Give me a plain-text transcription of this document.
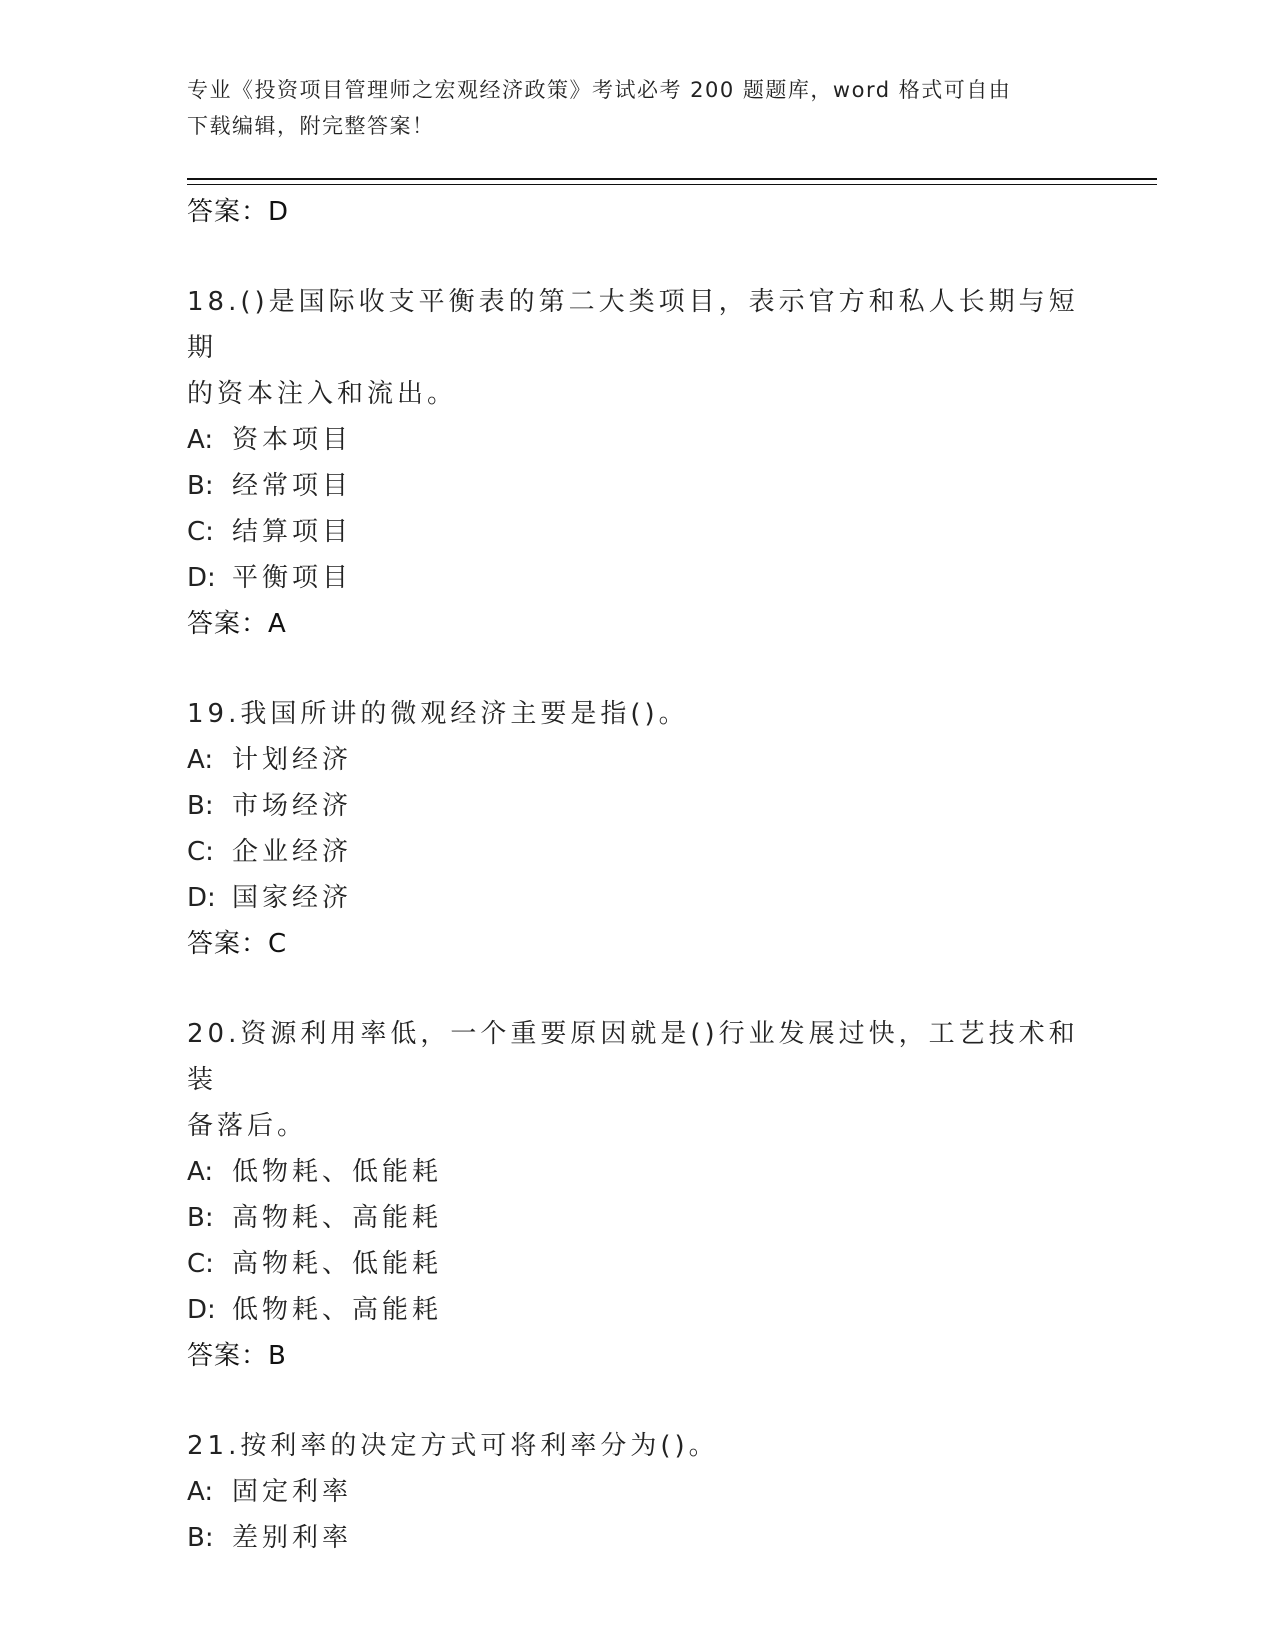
专业《投资项目管理师之宏观经济政策》考试必考 200 题题库，word 格式可自由
下载编辑，附完整答案！
答案：D
18.()是国际收支平衡表的第二大类项目，表示官方和私人长期与短期
的资本注入和流出。
A: 资本项目
B: 经常项目
C: 结算项目
D: 平衡项目
答案：A
19.我国所讲的微观经济主要是指()。
A: 计划经济
B: 市场经济
C: 企业经济
D: 国家经济
答案：C
20.资源利用率低，一个重要原因就是()行业发展过快，工艺技术和装
备落后。
A: 低物耗、低能耗
B: 高物耗、高能耗
C: 高物耗、低能耗
D: 低物耗、高能耗
答案：B
21.按利率的决定方式可将利率分为()。
A: 固定利率
B: 差别利率
